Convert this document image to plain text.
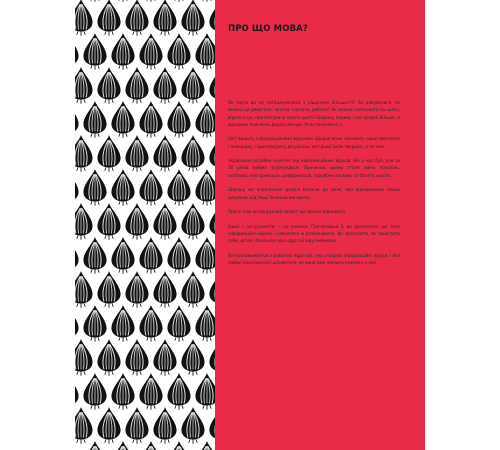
ПРО ЩО МОВА?

Як часто ви не погоджувалися з рішенням більшості? Чи дивувалися, як можна це дивитися, читати, слухати, робити? Як можна голосувати за нього, вірити в це, протестувати проти цього? Шороку подиву стає дедалі більше, а виразних пояснень дедалі менше. Утім пояснення є.

Світ вишить інформаційними вірусами. Щодня вони змінюють наше мислення і поведінку, підштовхують до рішень, вигідних їхнім творцям, а не нам.

Українцям потрібен імунітет від інформаційних вірусів. Він у нас був, але за 30 років майже зруйнувався. Причиною цьому стали зміна поколінь, політика, олігархизація, цифровізація, зарубіжні впливи та багато іншого.

Шороку ми опиняємося дедалі ближче до межі, яка відокремлює Націю розумних від Нації безвольних овочів.

Проте наш антивірусний захист ще можна відновити.

Один з інструментів — ця книжка. Прочитавши її, ви дізнаєтеся, що таке інформаційні віруси і навчитеся їх розпізнавати. Ви зрозумієте, як захистити себе, дітей і близьких від індустрії вірусмейкерів.

Ви познайомитеся з роботою Індустрії, яка створює інформаційні віруси. І без зайвої конспірології дізнаєтеся, як вона вже змінила кожного з нас.
